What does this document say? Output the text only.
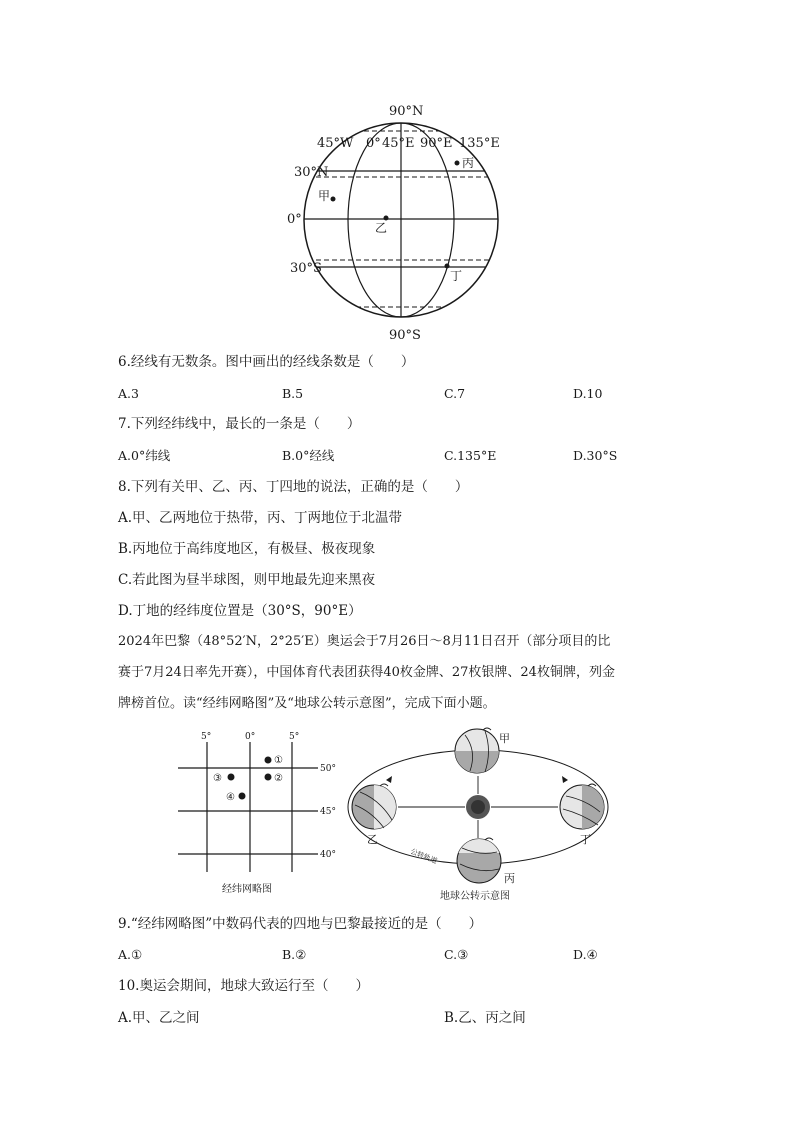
90°N
45°W 0° 45°E 90°E 135°E
30°N
0°
30°S
90°S
甲
乙
丙
丁
6.经线有无数条。图中画出的经线条数是（　　）
A.3	B.5	C.7	D.10
7.下列经纬线中，最长的一条是（　　）
A.0°纬线	B.0°经线	C.135°E	D.30°S
8.下列有关甲、乙、丙、丁四地的说法，正确的是（　　）
A.甲、乙两地位于热带，丙、丁两地位于北温带
B.丙地位于高纬度地区，有极昼、极夜现象
C.若此图为昼半球图，则甲地最先迎来黑夜
D.丁地的经纬度位置是（30°S，90°E）
2024年巴黎（48°52′N，2°25′E）奥运会于7月26日～8月11日召开（部分项目的比
赛于7月24日率先开赛），中国体育代表团获得40枚金牌、27枚银牌、24枚铜牌，列金
牌榜首位。读“经纬网略图”及“地球公转示意图”，完成下面小题。
5°	0°	5°
50°
45°
40°
①
②
③
④
经纬网略图
公转轨道
甲
乙
丙
丁
地球公转示意图
9.“经纬网略图”中数码代表的四地与巴黎最接近的是（　　）
A.①	B.②	C.③	D.④
10.奥运会期间，地球大致运行至（　　）
A.甲、乙之间	B.乙、丙之间
